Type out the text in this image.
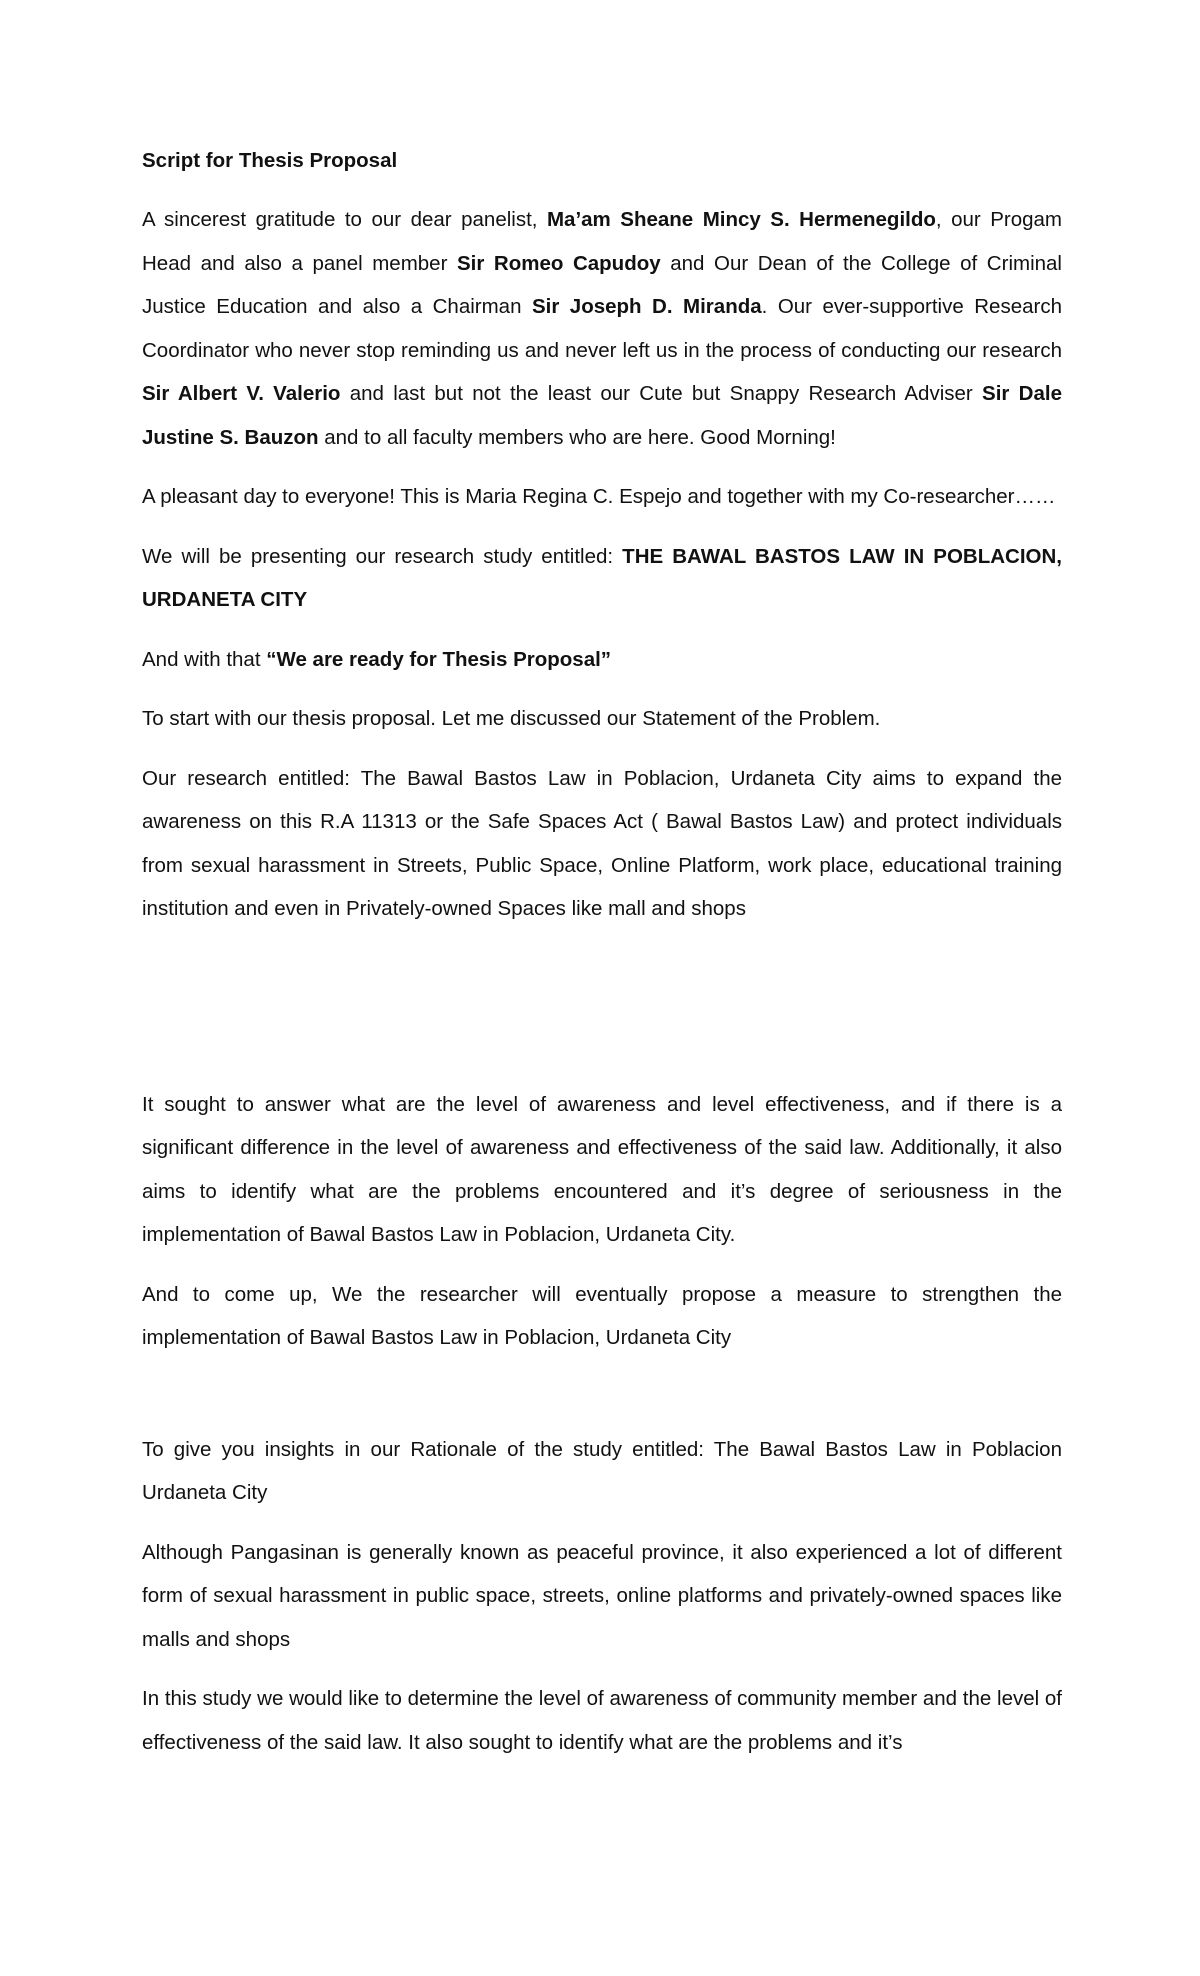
Script for Thesis Proposal

A sincerest gratitude to our dear panelist, Ma’am Sheane Mincy S. Hermenegildo, our Progam Head and also a panel member Sir Romeo Capudoy and Our Dean of the College of Criminal Justice Education and also a Chairman Sir Joseph D. Miranda. Our ever-supportive Research Coordinator who never stop reminding us and never left us in the process of conducting our research Sir Albert V. Valerio and last but not the least our Cute but Snappy Research Adviser Sir Dale Justine S. Bauzon and to all faculty members who are here. Good Morning!

A pleasant day to everyone! This is Maria Regina C. Espejo and together with my Co-researcher……

We will be presenting our research study entitled: THE BAWAL BASTOS LAW IN POBLACION, URDANETA CITY

And with that “We are ready for Thesis Proposal”

To start with our thesis proposal. Let me discussed our Statement of the Problem.

Our research entitled: The Bawal Bastos Law in Poblacion, Urdaneta City aims to expand the awareness on this R.A 11313 or the Safe Spaces Act ( Bawal Bastos Law) and protect individuals from sexual harassment in Streets, Public Space, Online Platform, work place, educational training institution and even in Privately-owned Spaces like mall and shops

It sought to answer what are the level of awareness and level effectiveness, and if there is a significant difference in the level of awareness and effectiveness of the said law. Additionally, it also aims to identify what are the problems encountered and it’s degree of seriousness in the implementation of Bawal Bastos Law in Poblacion, Urdaneta City.

And to come up, We the researcher will eventually propose a measure to strengthen the implementation of Bawal Bastos Law in Poblacion, Urdaneta City

To give you insights in our Rationale of the study entitled: The Bawal Bastos Law in Poblacion Urdaneta City

Although Pangasinan is generally known as peaceful province, it also experienced a lot of different form of sexual harassment in public space, streets, online platforms and privately-owned spaces like malls and shops

In this study we would like to determine the level of awareness of community member and the level of effectiveness of the said law. It also sought to identify what are the problems and it’s
